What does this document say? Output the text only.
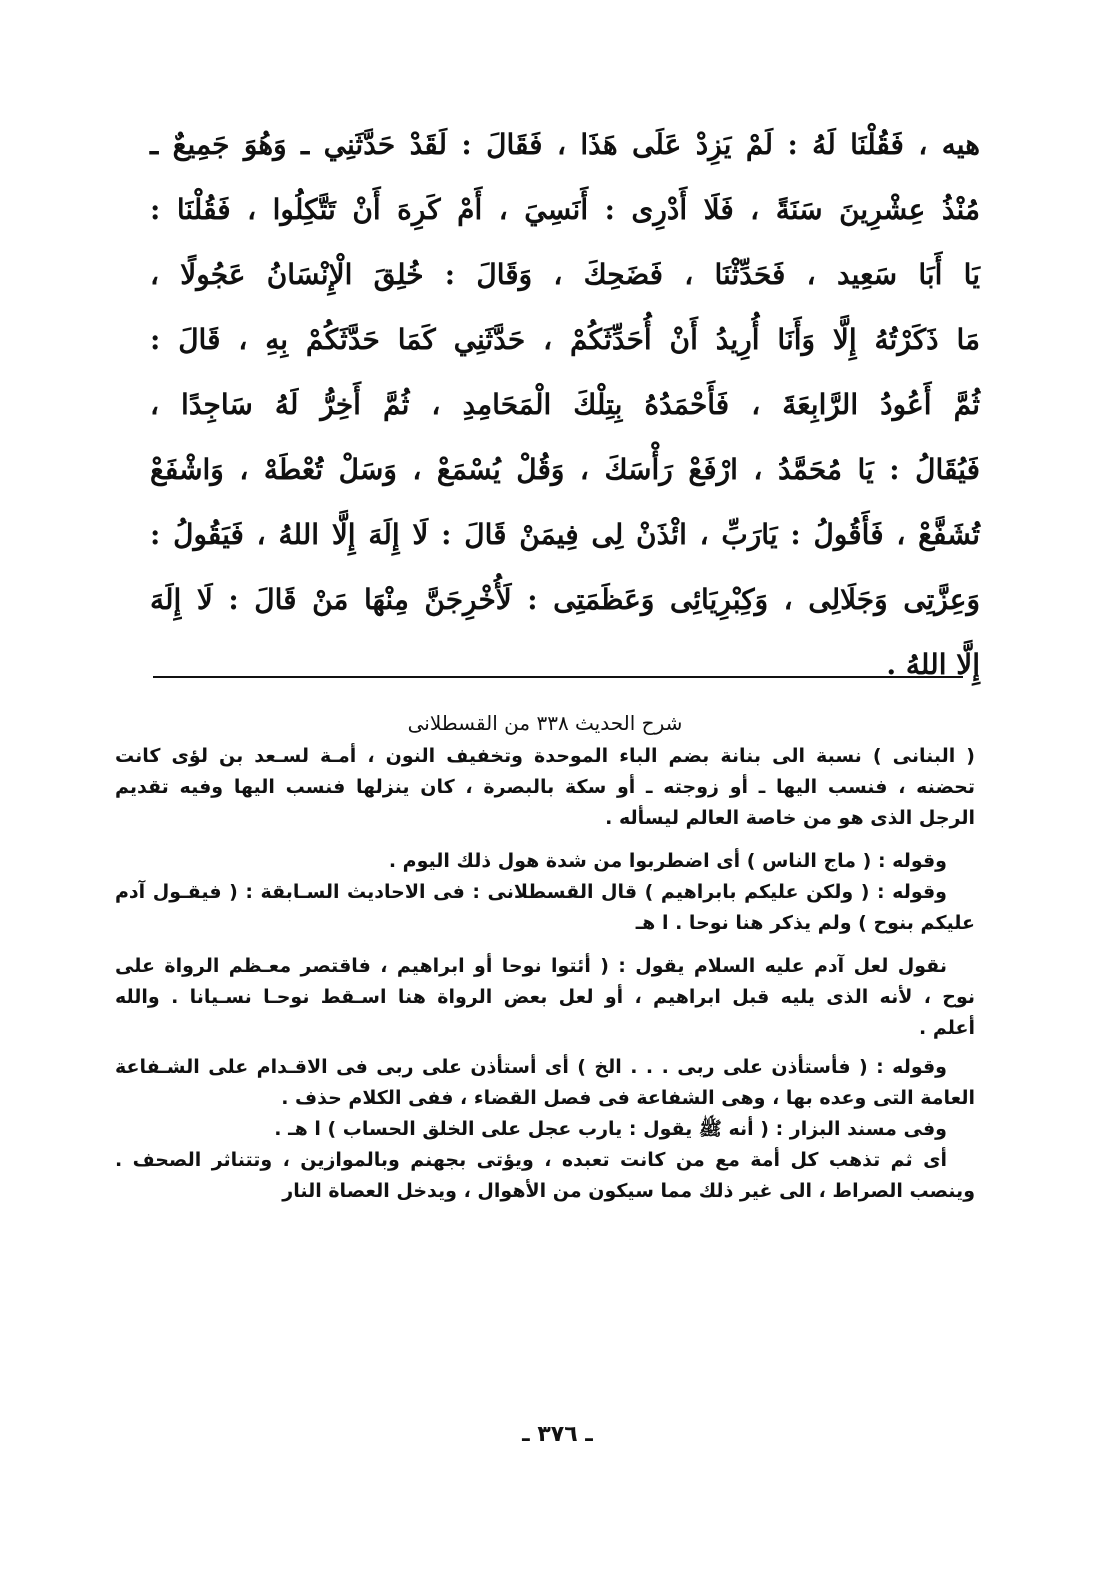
هيه ، فَقُلْنَا لَهُ : لَمْ يَزِدْ عَلَى هَذَا ، فَقَالَ : لَقَدْ حَدَّثَنِي ـ وَهُوَ جَمِيعٌ ـ
مُنْذُ عِشْرِينَ سَنَةً ، فَلَا أَدْرِى : أَنَسِيَ ، أَمْ كَرِهَ أَنْ تَتَّكِلُوا ، فَقُلْنَا :
يَا أَبَا سَعِيد ، فَحَدِّثْنَا ، فَضَحِكَ ، وَقَالَ : خُلِقَ الْإِنْسَانُ عَجُولًا ،
مَا ذَكَرْتُهُ إِلَّا وَأَنَا أُرِيدُ أَنْ أُحَدِّثَكُمْ ، حَدَّثَنِي كَمَا حَدَّثَكُمْ بِهِ ، قَالَ :
ثُمَّ أَعُودُ الرَّابِعَةَ ، فَأَحْمَدُهُ بِتِلْكَ الْمَحَامِدِ ، ثُمَّ أَخِرُّ لَهُ سَاجِدًا ،
فَيُقَالُ : يَا مُحَمَّدُ ، ارْفَعْ رَأْسَكَ ، وَقُلْ يُسْمَعْ ، وَسَلْ تُعْطَهْ ، وَاشْفَعْ
تُشَفَّعْ ، فَأَقُولُ : يَارَبِّ ، ائْذَنْ لِى فِيمَنْ قَالَ : لَا إِلَهَ إِلَّا اللهُ ، فَيَقُولُ :
وَعِزَّتِى وَجَلَالِى ، وَكِبْرِيَائِى وَعَظَمَتِى : لَأُخْرِجَنَّ مِنْهَا مَنْ قَالَ : لَا إِلَهَ
إِلَّا اللهُ .
شرح الحديث ٣٣٨ من القسطلانى
( البنانى ) نسبة الى بنانة بضم الباء الموحدة وتخفيف النون ، أمـة لسـعد بن لؤى كانت
تحضنه ، فنسب اليها ـ أو زوجته ـ أو سكة بالبصرة ، كان ينزلها فنسب اليها وفيه تقديم
الرجل الذى هو من خاصة العالم ليسأله .
وقوله : ( ماج الناس ) أى اضطربوا من شدة هول ذلك اليوم .
وقوله : ( ولكن عليكم بابراهيم ) قال القسطلانى : فى الاحاديث السـابقة : ( فيقـول آدم
عليكم بنوح ) ولم يذكر هنا نوحا . ا هـ
نقول لعل آدم عليه السلام يقول : ( أئتوا نوحا أو ابراهيم ، فاقتصر معـظم الرواة على
نوح ، لأنه الذى يليه قبل ابراهيم ، أو لعل بعض الرواة هنا اسـقط نوحـا نسـيانا . والله
أعلم .
وقوله : ( فأستأذن على ربى . . . الخ ) أى أستأذن على ربى فى الاقـدام على الشـفاعة
العامة التى وعده بها ، وهى الشفاعة فى فصل القضاء ، ففى الكلام حذف .
وفى مسند البزار : ( أنه ﷺ يقول : يارب عجل على الخلق الحساب ) ا هـ .
أى ثم تذهب كل أمة مع من كانت تعبده ، ويؤتى بجهنم وبالموازين ، وتتناثر الصحف .
وينصب الصراط ، الى غير ذلك مما سيكون من الأهوال ، ويدخل العصاة النار
ـ ٣٧٦ ـ
